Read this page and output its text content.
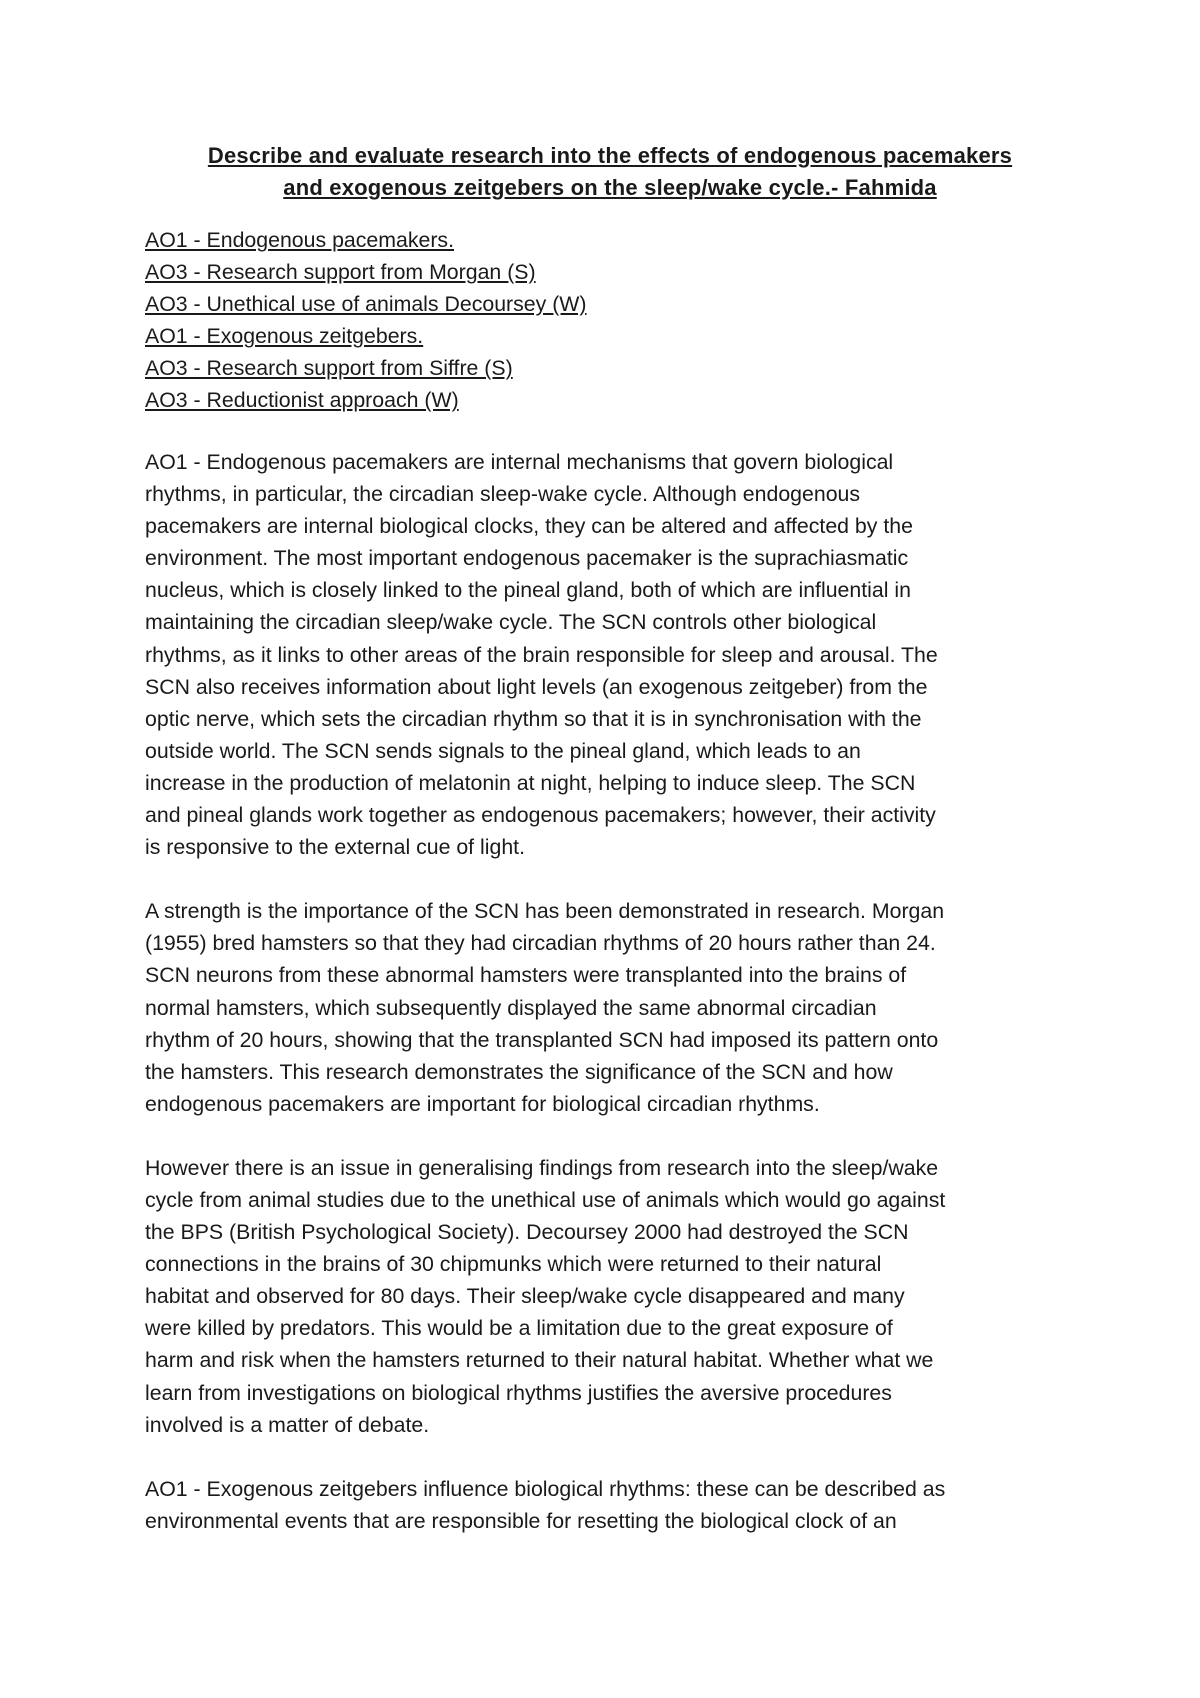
Describe and evaluate research into the effects of endogenous pacemakers
and exogenous zeitgebers on the sleep/wake cycle.- Fahmida
AO1 - Endogenous pacemakers.
AO3 - Research support from Morgan (S)
AO3 - Unethical use of animals Decoursey (W)
AO1 - Exogenous zeitgebers.
AO3 - Research support from Siffre (S)
AO3 - Reductionist approach (W)

AO1 - Endogenous pacemakers are internal mechanisms that govern biological
rhythms, in particular, the circadian sleep-wake cycle. Although endogenous
pacemakers are internal biological clocks, they can be altered and affected by the
environment. The most important endogenous pacemaker is the suprachiasmatic
nucleus, which is closely linked to the pineal gland, both of which are influential in
maintaining the circadian sleep/wake cycle. The SCN controls other biological
rhythms, as it links to other areas of the brain responsible for sleep and arousal. The
SCN also receives information about light levels (an exogenous zeitgeber) from the
optic nerve, which sets the circadian rhythm so that it is in synchronisation with the
outside world. The SCN sends signals to the pineal gland, which leads to an
increase in the production of melatonin at night, helping to induce sleep. The SCN
and pineal glands work together as endogenous pacemakers; however, their activity
is responsive to the external cue of light.

A strength is the importance of the SCN has been demonstrated in research. Morgan
(1955) bred hamsters so that they had circadian rhythms of 20 hours rather than 24.
SCN neurons from these abnormal hamsters were transplanted into the brains of
normal hamsters, which subsequently displayed the same abnormal circadian
rhythm of 20 hours, showing that the transplanted SCN had imposed its pattern onto
the hamsters. This research demonstrates the significance of the SCN and how
endogenous pacemakers are important for biological circadian rhythms.

However there is an issue in generalising findings from research into the sleep/wake
cycle from animal studies due to the unethical use of animals which would go against
the BPS (British Psychological Society). Decoursey 2000 had destroyed the SCN
connections in the brains of 30 chipmunks which were returned to their natural
habitat and observed for 80 days. Their sleep/wake cycle disappeared and many
were killed by predators. This would be a limitation due to the great exposure of
harm and risk when the hamsters returned to their natural habitat. Whether what we
learn from investigations on biological rhythms justifies the aversive procedures
involved is a matter of debate.

AO1 - Exogenous zeitgebers influence biological rhythms: these can be described as
environmental events that are responsible for resetting the biological clock of an
